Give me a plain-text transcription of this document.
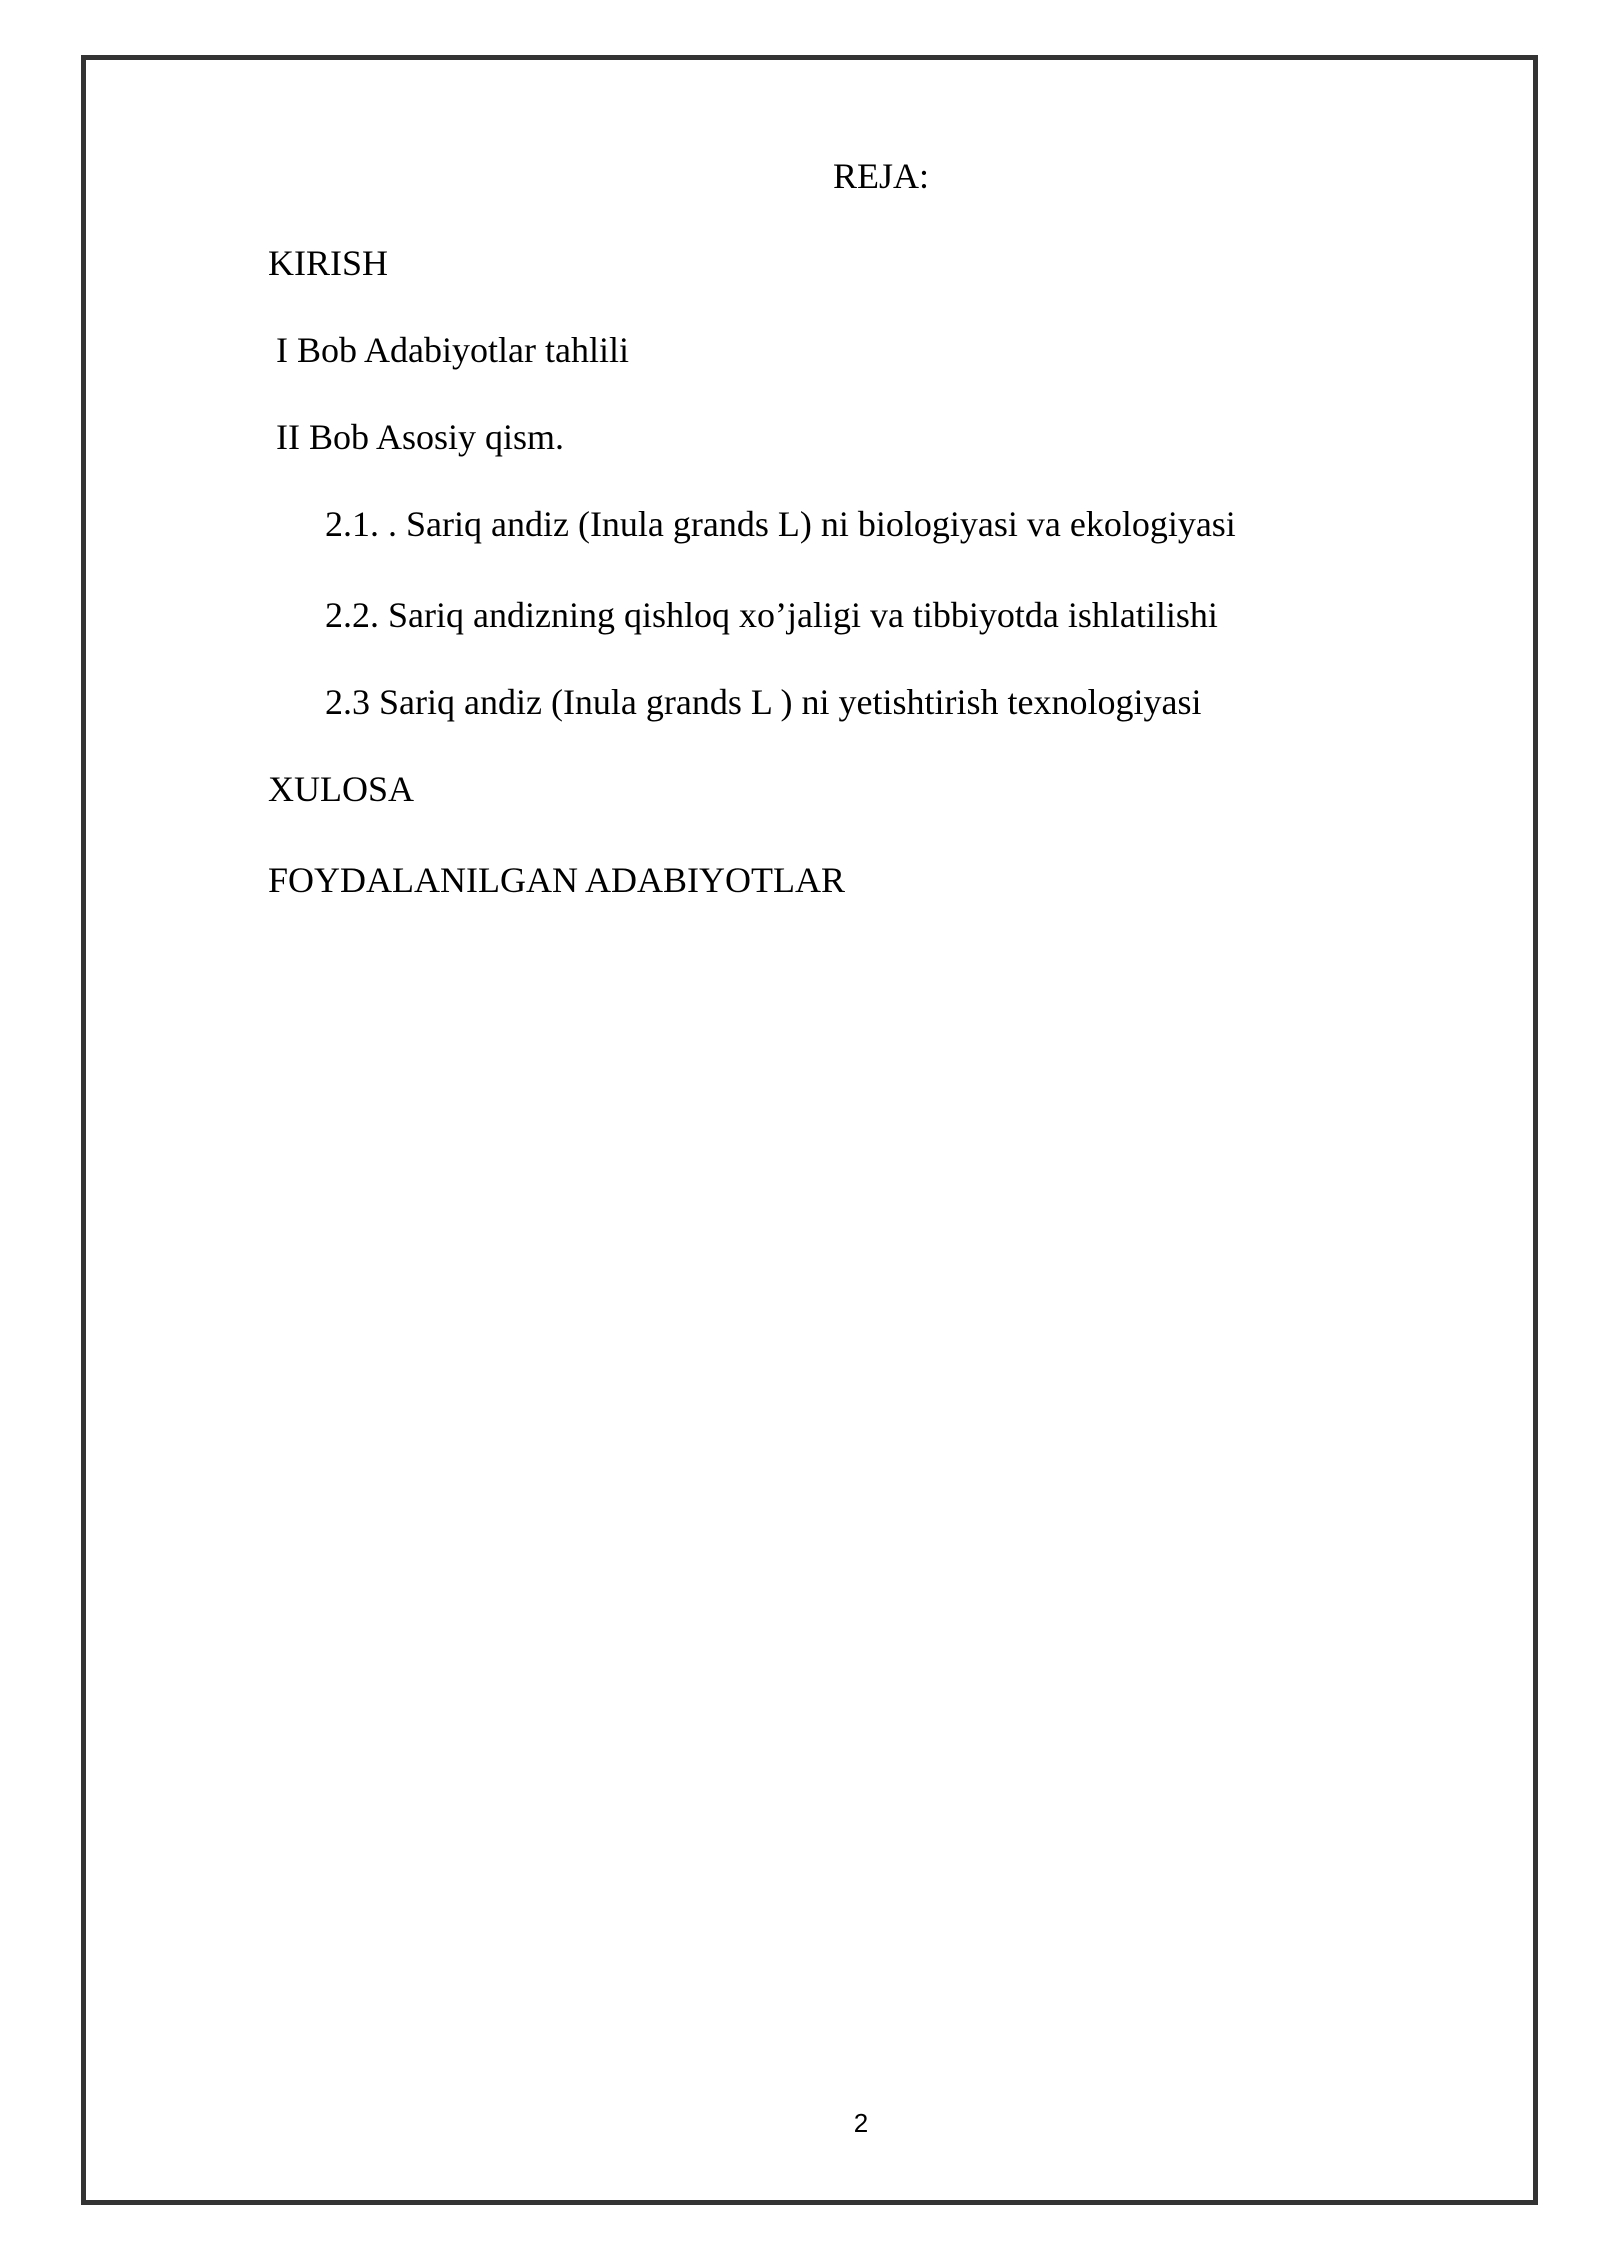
REJA:
KIRISH
I Bob Adabiyotlar tahlili
II Bob Asosiy qism.
2.1. . Sariq andiz (Inula grands L) ni biologiyasi va ekologiyasi
2.2. Sariq andizning qishloq xo’jaligi va tibbiyotda ishlatilishi
2.3 Sariq andiz (Inula grands L ) ni yetishtirish texnologiyasi
XULOSA
FOYDALANILGAN ADABIYOTLAR
2
